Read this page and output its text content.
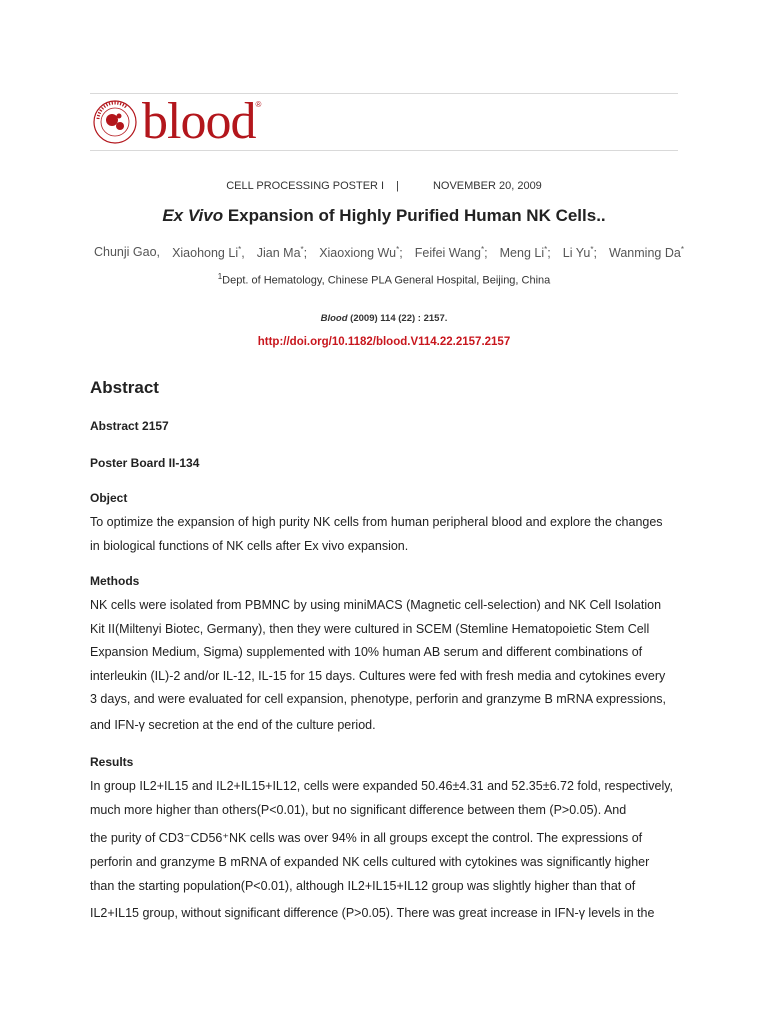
blood ®
CELL PROCESSING POSTER I |	NOVEMBER 20, 2009
Ex Vivo Expansion of Highly Purified Human NK Cells..
Chunji Gao, Xiaohong Li*, Jian Ma*; Xiaoxiong Wu*; Feifei Wang*; Meng Li*; Li Yu*; Wanming Da*
$^1$Dept. of Hematology, Chinese PLA General Hospital, Beijing, China
Blood (2009) 114 (22) : 2157.
http://doi.org/10.1182/blood.V114.22.2157.2157
Abstract
Abstract 2157
Poster Board II-134
Object
To optimize the expansion of high purity NK cells from human peripheral blood and explore the changes
in biological functions of NK cells after Ex vivo expansion.
Methods
NK cells were isolated from PBMNC by using miniMACS (Magnetic cell-selection) and NK Cell Isolation
Kit II(Miltenyi Biotec, Germany), then they were cultured in SCEM (Stemline Hematopoietic Stem Cell
Expansion Medium, Sigma) supplemented with 10% human AB serum and different combinations of
interleukin (IL)-2 and/or IL-12, IL-15 for 15 days. Cultures were fed with fresh media and cytokines every
3 days, and were evaluated for cell expansion, phenotype, perforin and granzyme B mRNA expressions,
and IFN-γ secretion at the end of the culture period.
Results
In group IL2+IL15 and IL2+IL15+IL12, cells were expanded 50.46±4.31 and 52.35±6.72 fold, respectively,
much more higher than others(P<0.01), but no significant difference between them (P>0.05). And
the purity of CD3⁻CD56⁺NK cells was over 94% in all groups except the control. The expressions of
perforin and granzyme B mRNA of expanded NK cells cultured with cytokines was significantly higher
than the starting population(P<0.01), although IL2+IL15+IL12 group was slightly higher than that of
IL2+IL15 group, without significant difference (P>0.05). There was great increase in IFN-γ levels in the
